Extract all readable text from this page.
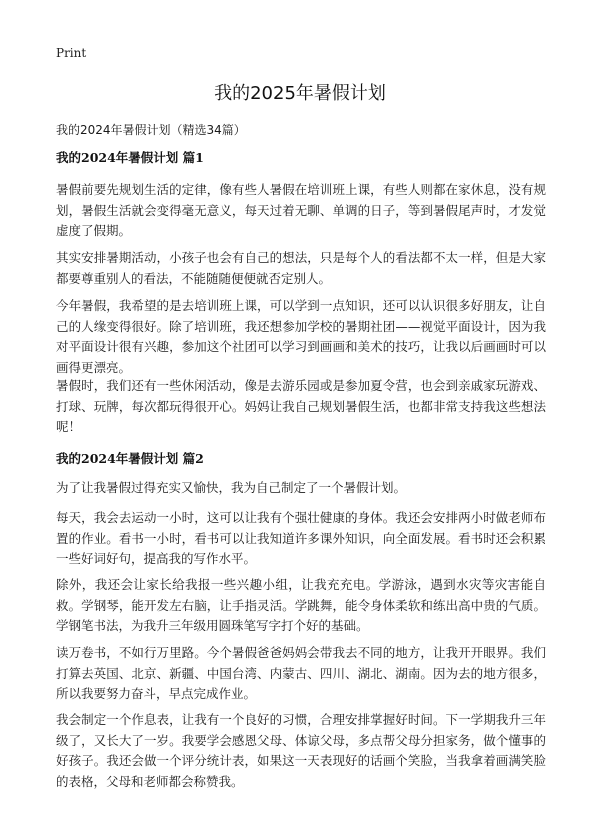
Print
我的2025年暑假计划

我的2024年暑假计划（精选34篇）

我的2024年暑假计划 篇1

暑假前要先规划生活的定律，像有些人暑假在培训班上课，有些人则都在家休息，没有规划，暑假生活就会变得毫无意义，每天过着无聊、单调的日子，等到暑假尾声时，才发觉虚度了假期。

其实安排暑期活动，小孩子也会有自己的想法，只是每个人的看法都不太一样，但是大家都要尊重别人的看法，不能随随便便就否定别人。

今年暑假，我希望的是去培训班上课，可以学到一点知识，还可以认识很多好朋友，让自己的人缘变得很好。除了培训班，我还想参加学校的暑期社团——视觉平面设计，因为我对平面设计很有兴趣，参加这个社团可以学习到画画和美术的技巧，让我以后画画时可以画得更漂亮。

暑假时，我们还有一些休闲活动，像是去游乐园或是参加夏令营，也会到亲戚家玩游戏、打球、玩牌，每次都玩得很开心。妈妈让我自己规划暑假生活，也都非常支持我这些想法呢！

我的2024年暑假计划 篇2

为了让我暑假过得充实又愉快，我为自己制定了一个暑假计划。

每天，我会去运动一小时，这可以让我有个强壮健康的身体。我还会安排两小时做老师布置的作业。看书一小时，看书可以让我知道许多课外知识，向全面发展。看书时还会积累一些好词好句，提高我的写作水平。

除外，我还会让家长给我报一些兴趣小组，让我充充电。学游泳，遇到水灾等灾害能自救。学钢琴，能开发左右脑，让手指灵活。学跳舞，能令身体柔软和练出高中贵的气质。学钢笔书法，为我升三年级用圆珠笔写字打个好的基础。

读万卷书，不如行万里路。今个暑假爸爸妈妈会带我去不同的地方，让我开开眼界。我们打算去英国、北京、新疆、中国台湾、内蒙古、四川、湖北、湖南。因为去的地方很多，所以我要努力奋斗，早点完成作业。

我会制定一个作息表，让我有一个良好的习惯，合理安排掌握好时间。下一学期我升三年级了，又长大了一岁。我要学会感恩父母、体谅父母，多点帮父母分担家务，做个懂事的好孩子。我还会做一个评分统计表，如果这一天表现好的话画个笑脸，当我拿着画满笑脸的表格，父母和老师都会称赞我。
